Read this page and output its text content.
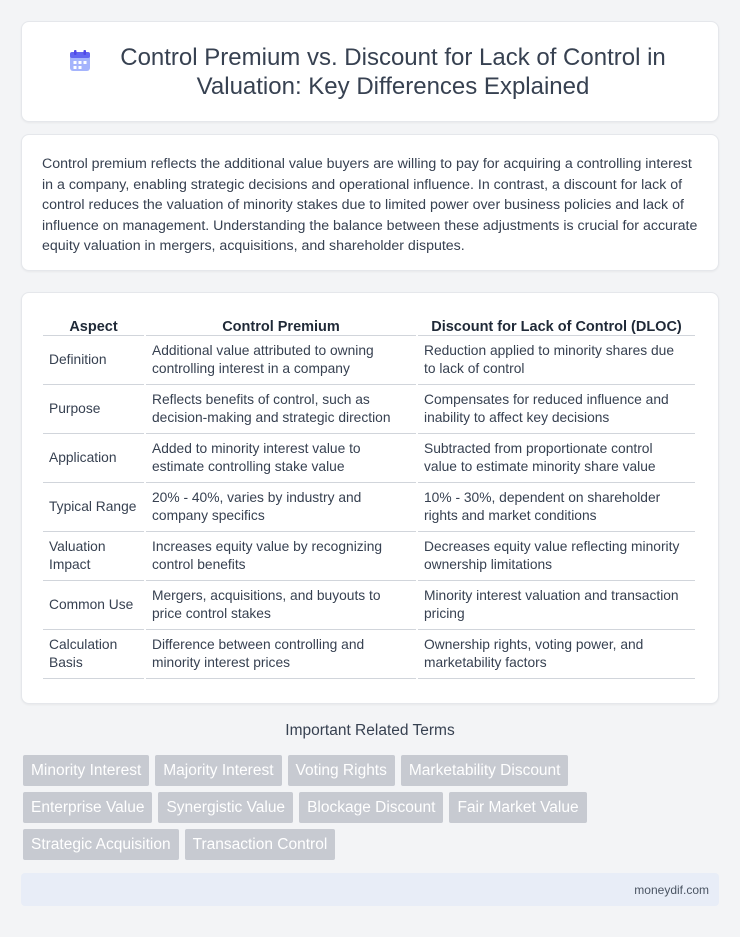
Control Premium vs. Discount for Lack of Control in Valuation: Key Differences Explained

Control premium reflects the additional value buyers are willing to pay for acquiring a controlling interest in a company, enabling strategic decisions and operational influence. In contrast, a discount for lack of control reduces the valuation of minority stakes due to limited power over business policies and lack of influence on management. Understanding the balance between these adjustments is crucial for accurate equity valuation in mergers, acquisitions, and shareholder disputes.

Aspect	Control Premium	Discount for Lack of Control (DLOC)
Definition	Additional value attributed to owning controlling interest in a company	Reduction applied to minority shares due to lack of control
Purpose	Reflects benefits of control, such as decision-making and strategic direction	Compensates for reduced influence and inability to affect key decisions
Application	Added to minority interest value to estimate controlling stake value	Subtracted from proportionate control value to estimate minority share value
Typical Range	20% - 40%, varies by industry and company specifics	10% - 30%, dependent on shareholder rights and market conditions
Valuation Impact	Increases equity value by recognizing control benefits	Decreases equity value reflecting minority ownership limitations
Common Use	Mergers, acquisitions, and buyouts to price control stakes	Minority interest valuation and transaction pricing
Calculation Basis	Difference between controlling and minority interest prices	Ownership rights, voting power, and marketability factors
Important Related Terms
Minority Interest	Majority Interest	Voting Rights	Marketability Discount
Enterprise Value	Synergistic Value	Blockage Discount	Fair Market Value
Strategic Acquisition	Transaction Control
moneydif.com
